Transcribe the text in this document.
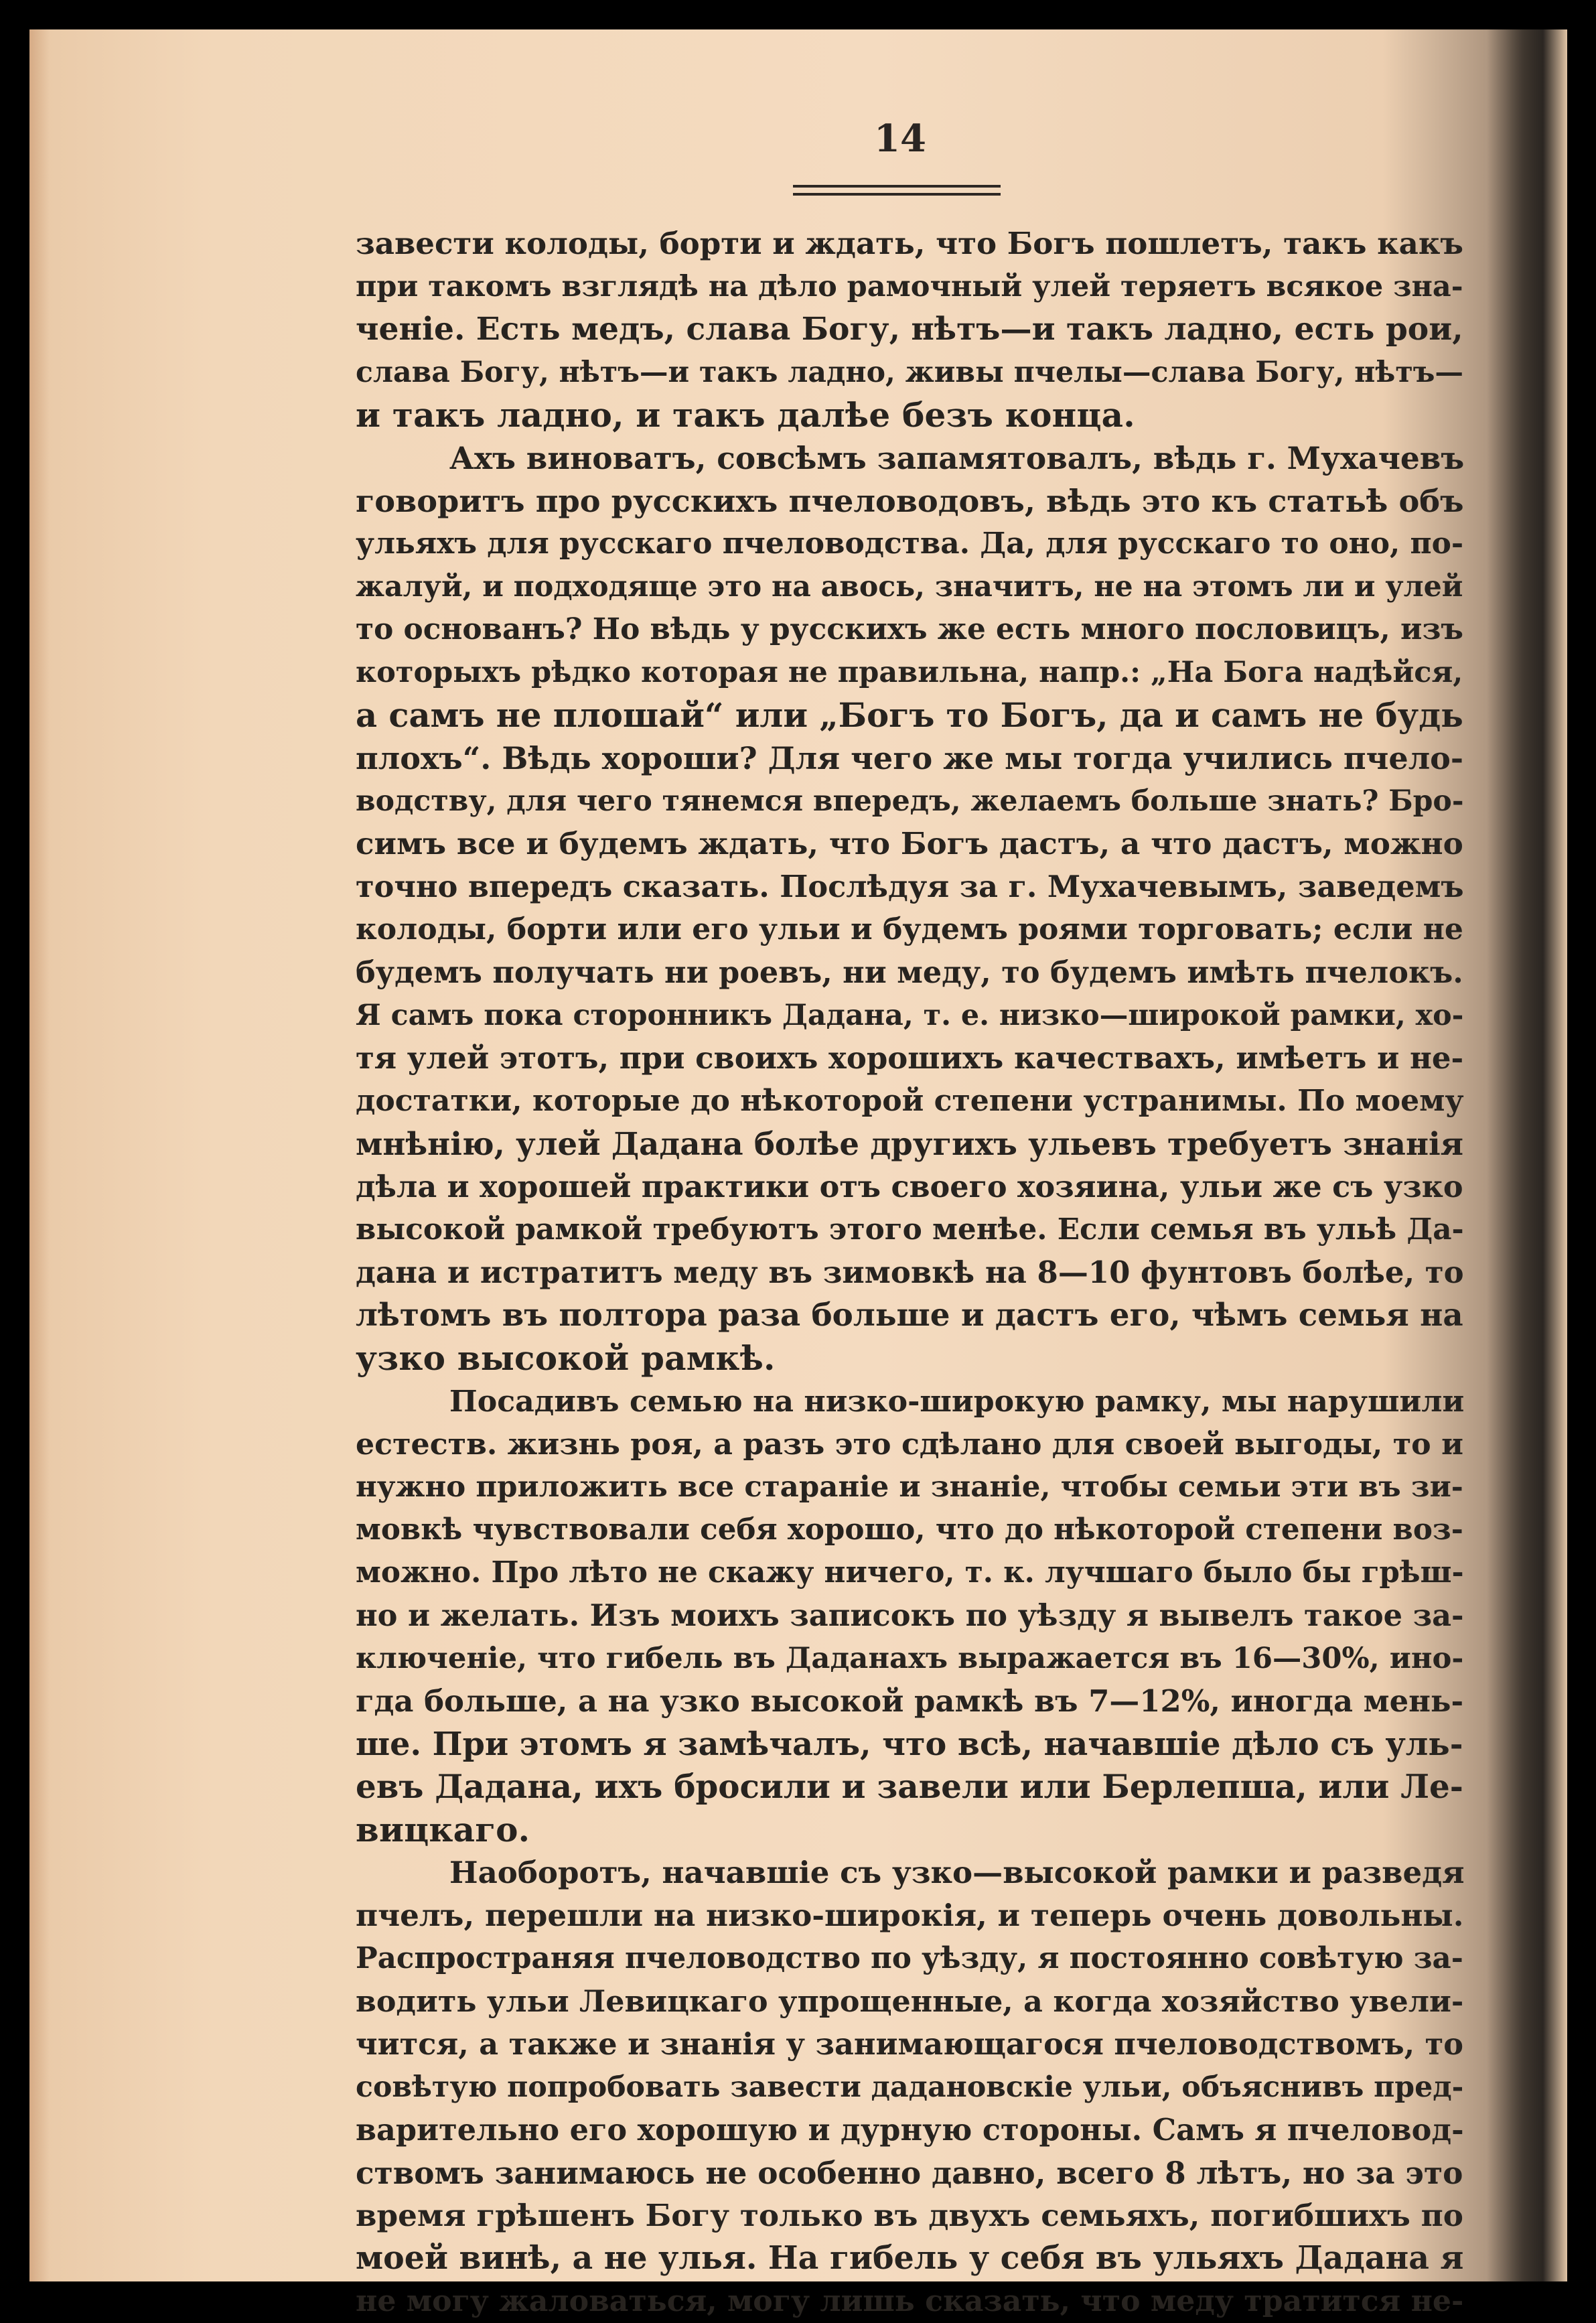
14
завести колоды, борти и ждать, что Богъ пошлетъ, такъ какъ
при такомъ взглядѣ на дѣло рамочный улей теряетъ всякое зна-
ченіе. Есть медъ, слава Богу, нѣтъ—и такъ ладно, есть рои,
слава Богу, нѣтъ—и такъ ладно, живы пчелы—слава Богу, нѣтъ—
и такъ ладно, и такъ далѣе безъ конца.
Ахъ виноватъ, совсѣмъ запамятовалъ, вѣдь г. Мухачевъ
говоритъ про русскихъ пчеловодовъ, вѣдь это къ статьѣ объ
ульяхъ для русскаго пчеловодства. Да, для русскаго то оно, по-
жалуй, и подходяще это на авось, значитъ, не на этомъ ли и улей
то основанъ? Но вѣдь у русскихъ же есть много пословицъ, изъ
которыхъ рѣдко которая не правильна, напр.: „На Бога надѣйся,
а самъ не плошай“ или „Богъ то Богъ, да и самъ не будь
плохъ“. Вѣдь хороши? Для чего же мы тогда учились пчело-
водству, для чего тянемся впередъ, желаемъ больше знать? Бро-
симъ все и будемъ ждать, что Богъ дастъ, а что дастъ, можно
точно впередъ сказать. Послѣдуя за г. Мухачевымъ, заведемъ
колоды, борти или его ульи и будемъ роями торговать; если не
будемъ получать ни роевъ, ни меду, то будемъ имѣть пчелокъ.
Я самъ пока сторонникъ Дадана, т. е. низко—широкой рамки, хо-
тя улей этотъ, при своихъ хорошихъ качествахъ, имѣетъ и не-
достатки, которые до нѣкоторой степени устранимы. По моему
мнѣнію, улей Дадана болѣе другихъ ульевъ требуетъ знанія
дѣла и хорошей практики отъ своего хозяина, ульи же съ узко
высокой рамкой требуютъ этого менѣе. Если семья въ ульѣ Да-
дана и истратитъ меду въ зимовкѣ на 8—10 фунтовъ болѣе, то
лѣтомъ въ полтора раза больше и дастъ его, чѣмъ семья на
узко высокой рамкѣ.
Посадивъ семью на низко-широкую рамку, мы нарушили
естеств. жизнь роя, а разъ это сдѣлано для своей выгоды, то и
нужно приложить все стараніе и знаніе, чтобы семьи эти въ зи-
мовкѣ чувствовали себя хорошо, что до нѣкоторой степени воз-
можно. Про лѣто не скажу ничего, т. к. лучшаго было бы грѣш-
но и желать. Изъ моихъ записокъ по уѣзду я вывелъ такое за-
ключеніе, что гибель въ Даданахъ выражается въ 16—30%, ино-
гда больше, а на узко высокой рамкѣ въ 7—12%, иногда мень-
ше. При этомъ я замѣчалъ, что всѣ, начавшіе дѣло съ уль-
евъ Дадана, ихъ бросили и завели или Берлепша, или Ле-
вицкаго.
Наоборотъ, начавшіе съ узко—высокой рамки и разведя
пчелъ, перешли на низко-широкія, и теперь очень довольны.
Распространяя пчеловодство по уѣзду, я постоянно совѣтую за-
водить ульи Левицкаго упрощенные, а когда хозяйство увели-
чится, а также и знанія у занимающагося пчеловодствомъ, то
совѣтую попробовать завести дадановскіе ульи, объяснивъ пред-
варительно его хорошую и дурную стороны. Самъ я пчеловод-
ствомъ занимаюсь не особенно давно, всего 8 лѣтъ, но за это
время грѣшенъ Богу только въ двухъ семьяхъ, погибшихъ по
моей винѣ, а не улья. На гибель у себя въ ульяхъ Дадана я
не могу жаловаться, могу лишь сказать, что меду тратится не-
